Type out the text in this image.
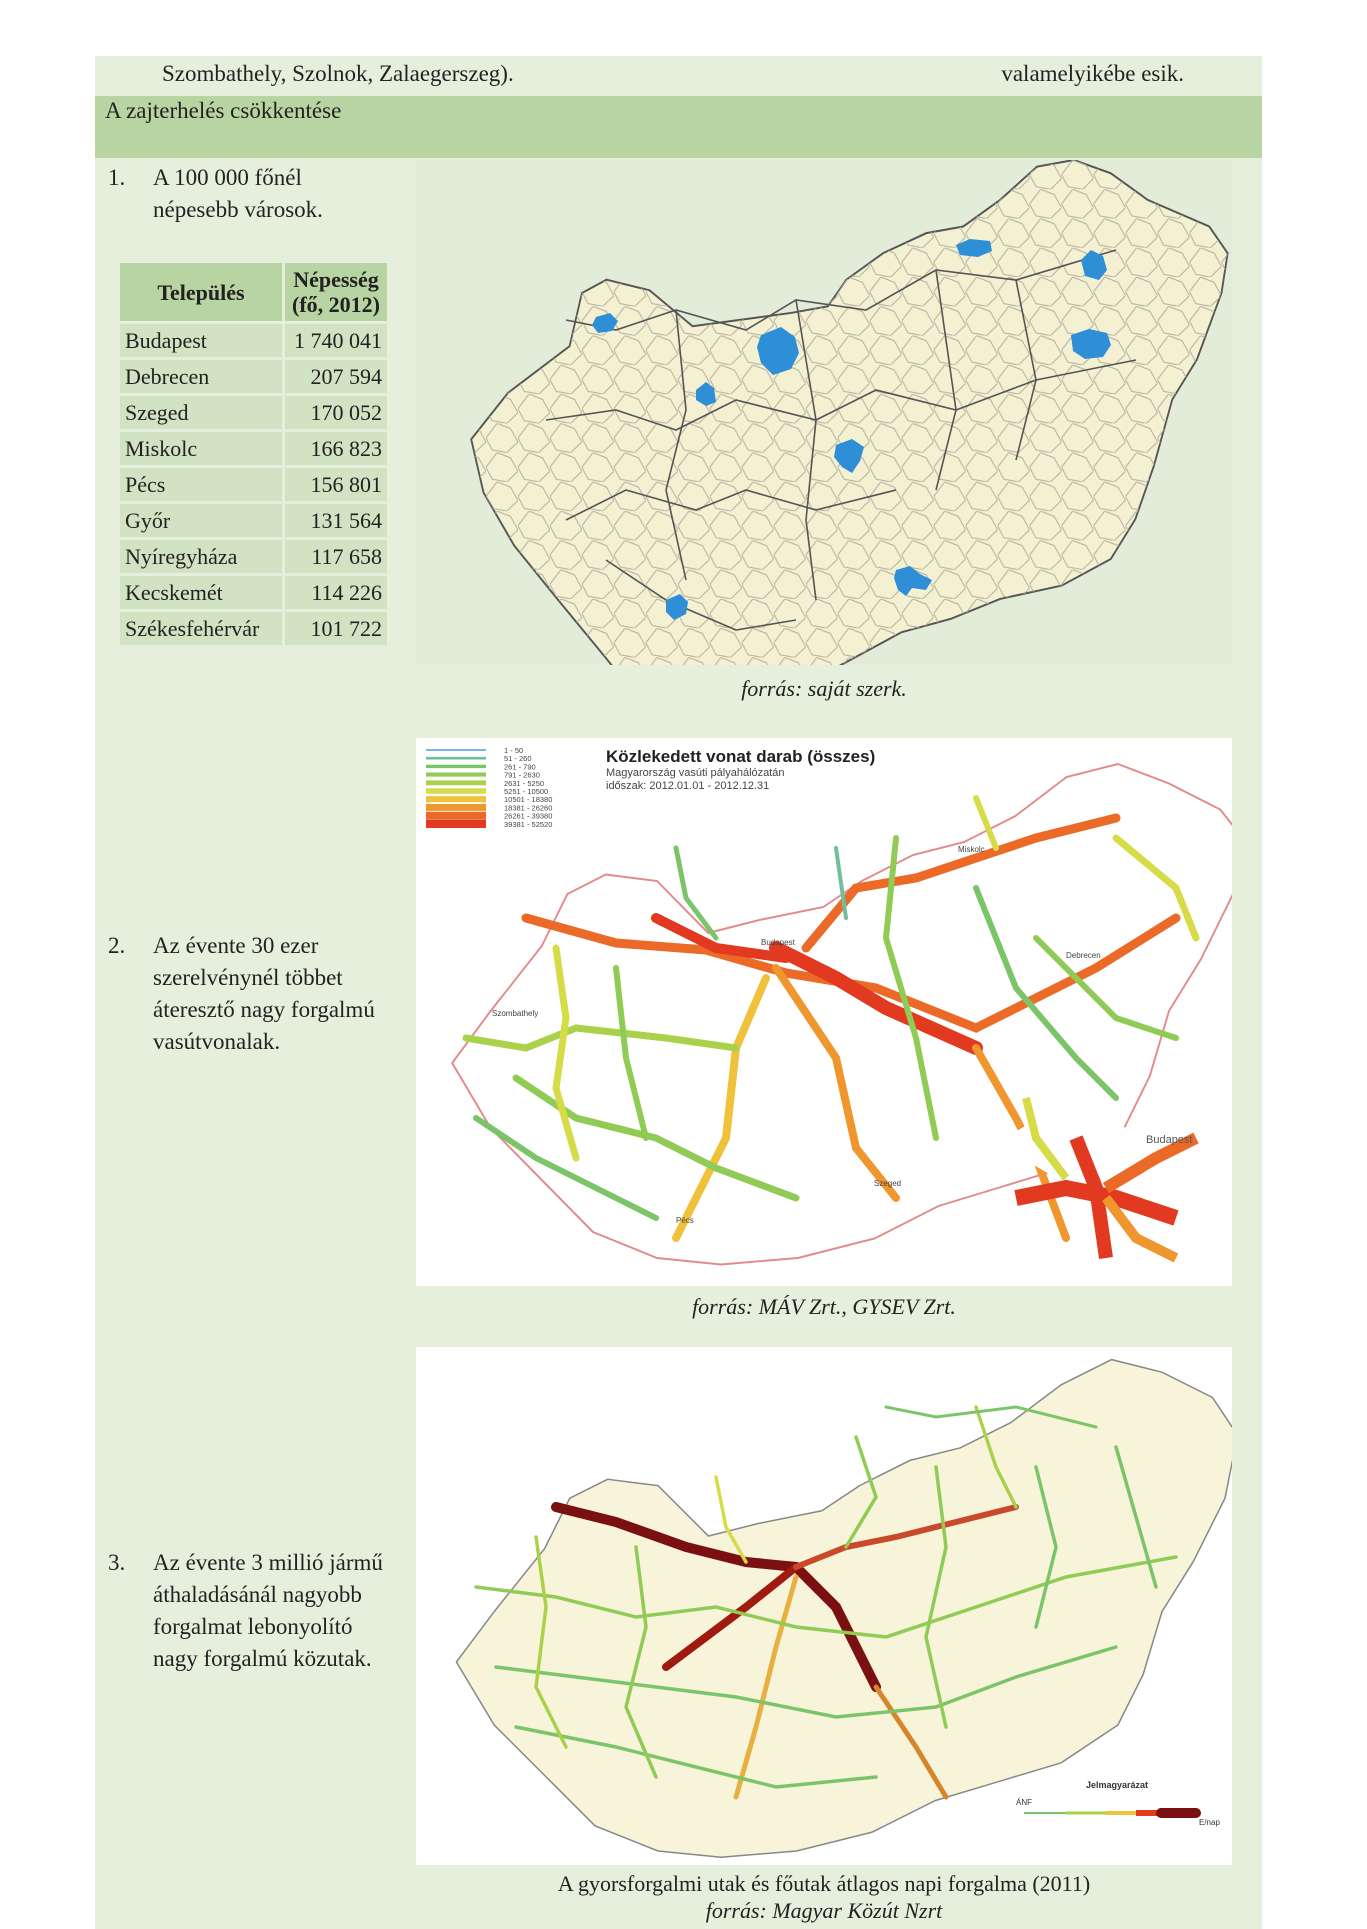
Szombathely, Szolnok, Zalaegerszeg).	valamelyikébe esik.
A zajterhelés csökkentése
1. A 100 000 főnél népesebb városok.
Település	Népesség (fő, 2012)
Budapest	1 740 041
Debrecen	207 594
Szeged	170 052
Miskolc	166 823
Pécs	156 801
Győr	131 564
Nyíregyháza	117 658
Kecskemét	114 226
Székesfehérvár	101 722
forrás: saját szerk.
2. Az évente 30 ezer szerelvénynél többet áteresztő nagy forgalmú vasútvonalak.
Budapest
Budapest
Miskolc
Debrecen
Szombathely
Szeged
Pécs
Közlekedett vonat darab (összes)
Magyarország vasúti pályahálózatán
időszak: 2012.01.01 - 2012.12.31
1 - 50
51 - 260
261 - 790
791 - 2630
2631 - 5250
5251 - 10500
10501 - 18380
18381 - 26260
26261 - 39380
39381 - 52520
forrás: MÁV Zrt., GYSEV Zrt.
3. Az évente 3 millió jármű áthaladásánál nagyobb forgalmat lebonyolító nagy forgalmú közutak.
Jelmagyarázat
ÁNF
E/nap
A gyorsforgalmi utak és főutak átlagos napi forgalma (2011)
forrás: Magyar Közút Nzrt
